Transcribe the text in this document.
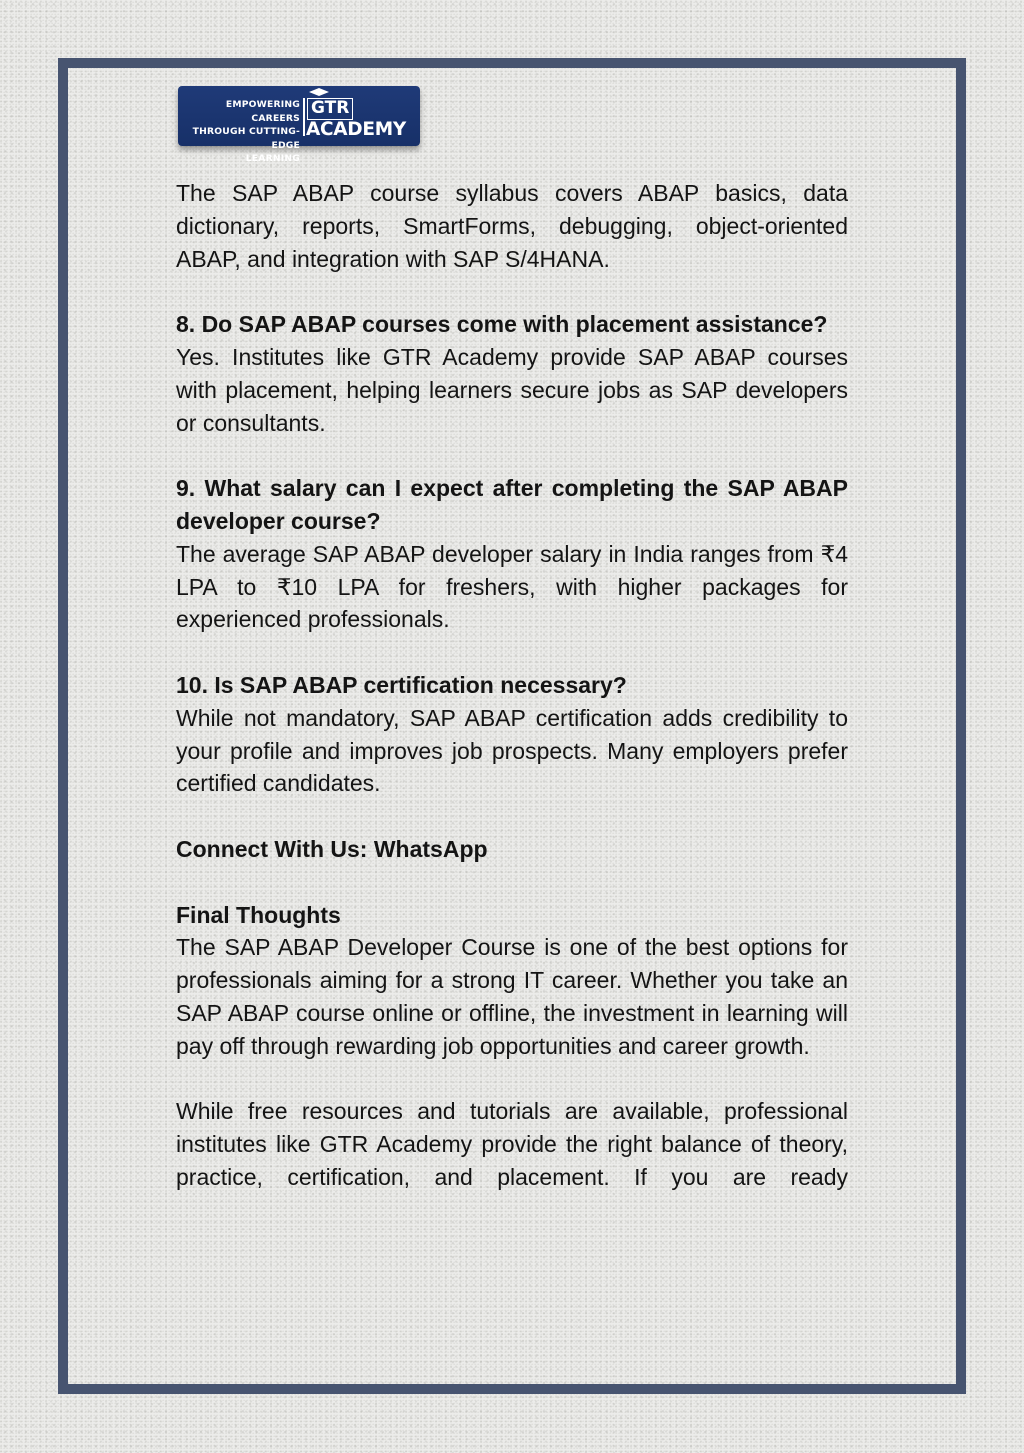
EMPOWERING CAREERS
THROUGH CUTTING-EDGE
LEARNING
GTR
ACADEMY

The SAP ABAP course syllabus covers ABAP basics, data dictionary, reports, SmartForms, debugging, object-oriented ABAP, and integration with SAP S/4HANA.

8. Do SAP ABAP courses come with placement assistance?

Yes. Institutes like GTR Academy provide SAP ABAP courses with placement, helping learners secure jobs as SAP developers or consultants.

9. What salary can I expect after completing the SAP ABAP developer course?

The average SAP ABAP developer salary in India ranges from ₹4 LPA to ₹10 LPA for freshers, with higher packages for experienced professionals.

10. Is SAP ABAP certification necessary?

While not mandatory, SAP ABAP certification adds credibility to your profile and improves job prospects. Many employers prefer certified candidates.

Connect With Us: WhatsApp

Final Thoughts

The SAP ABAP Developer Course is one of the best options for professionals aiming for a strong IT career. Whether you take an SAP ABAP course online or offline, the investment in learning will pay off through rewarding job opportunities and career growth.

While free resources and tutorials are available, professional institutes like GTR Academy provide the right balance of theory, practice, certification, and placement. If you are ready
